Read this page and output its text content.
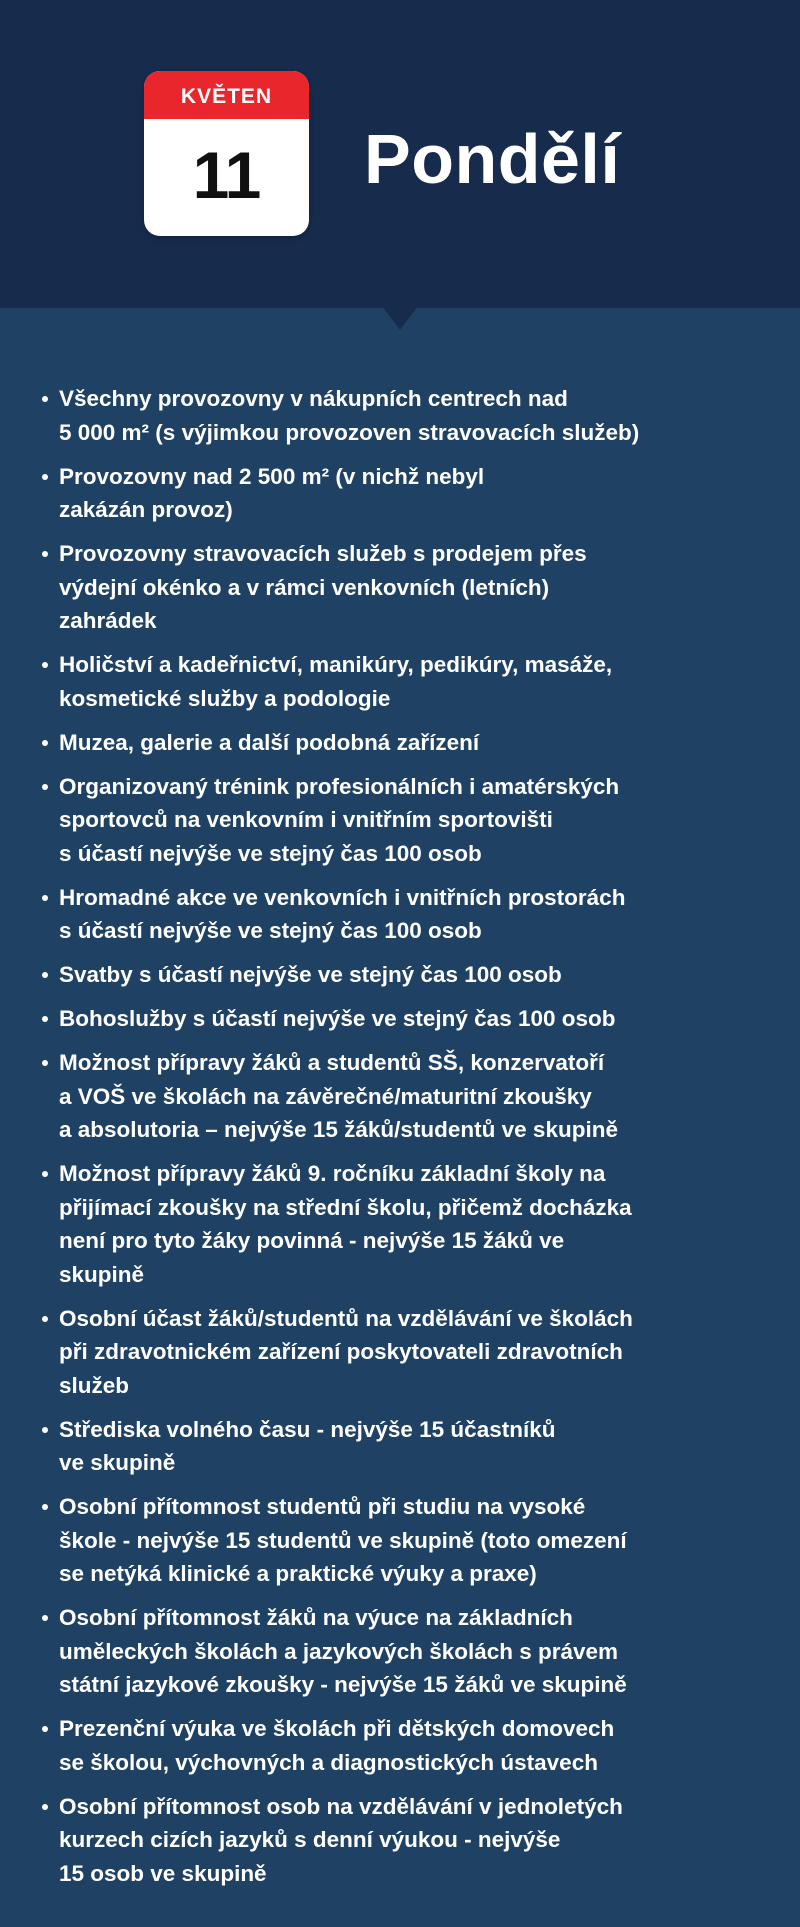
KVĚTEN
11	Pondělí
Všechny provozovny v nákupních centrech nad
5 000 m² (s výjimkou provozoven stravovacích služeb)
Provozovny nad 2 500 m² (v nichž nebyl
zakázán provoz)
Provozovny stravovacích služeb s prodejem přes
výdejní okénko a v rámci venkovních (letních)
zahrádek
Holičství a kadeřnictví, manikúry, pedikúry, masáže,
kosmetické služby a podologie
Muzea, galerie a další podobná zařízení
Organizovaný trénink profesionálních i amatérských
sportovců na venkovním i vnitřním sportovišti
s účastí nejvýše ve stejný čas 100 osob
Hromadné akce ve venkovních i vnitřních prostorách
s účastí nejvýše ve stejný čas 100 osob
Svatby s účastí nejvýše ve stejný čas 100 osob
Bohoslužby s účastí nejvýše ve stejný čas 100 osob
Možnost přípravy žáků a studentů SŠ, konzervatoří
a VOŠ ve školách na závěrečné/maturitní zkoušky
a absolutoria – nejvýše 15 žáků/studentů ve skupině
Možnost přípravy žáků 9. ročníku základní školy na
přijímací zkoušky na střední školu, přičemž docházka
není pro tyto žáky povinná - nejvýše 15 žáků ve
skupině
Osobní účast žáků/studentů na vzdělávání ve školách
při zdravotnickém zařízení poskytovateli zdravotních
služeb
Střediska volného času - nejvýše 15 účastníků
ve skupině
Osobní přítomnost studentů při studiu na vysoké
škole - nejvýše 15 studentů ve skupině (toto omezení
se netýká klinické a praktické výuky a praxe)
Osobní přítomnost žáků na výuce na základních
uměleckých školách a jazykových školách s právem
státní jazykové zkoušky - nejvýše 15 žáků ve skupině
Prezenční výuka ve školách při dětských domovech
se školou, výchovných a diagnostických ústavech
Osobní přítomnost osob na vzdělávání v jednoletých
kurzech cizích jazyků s denní výukou - nejvýše
15 osob ve skupině
